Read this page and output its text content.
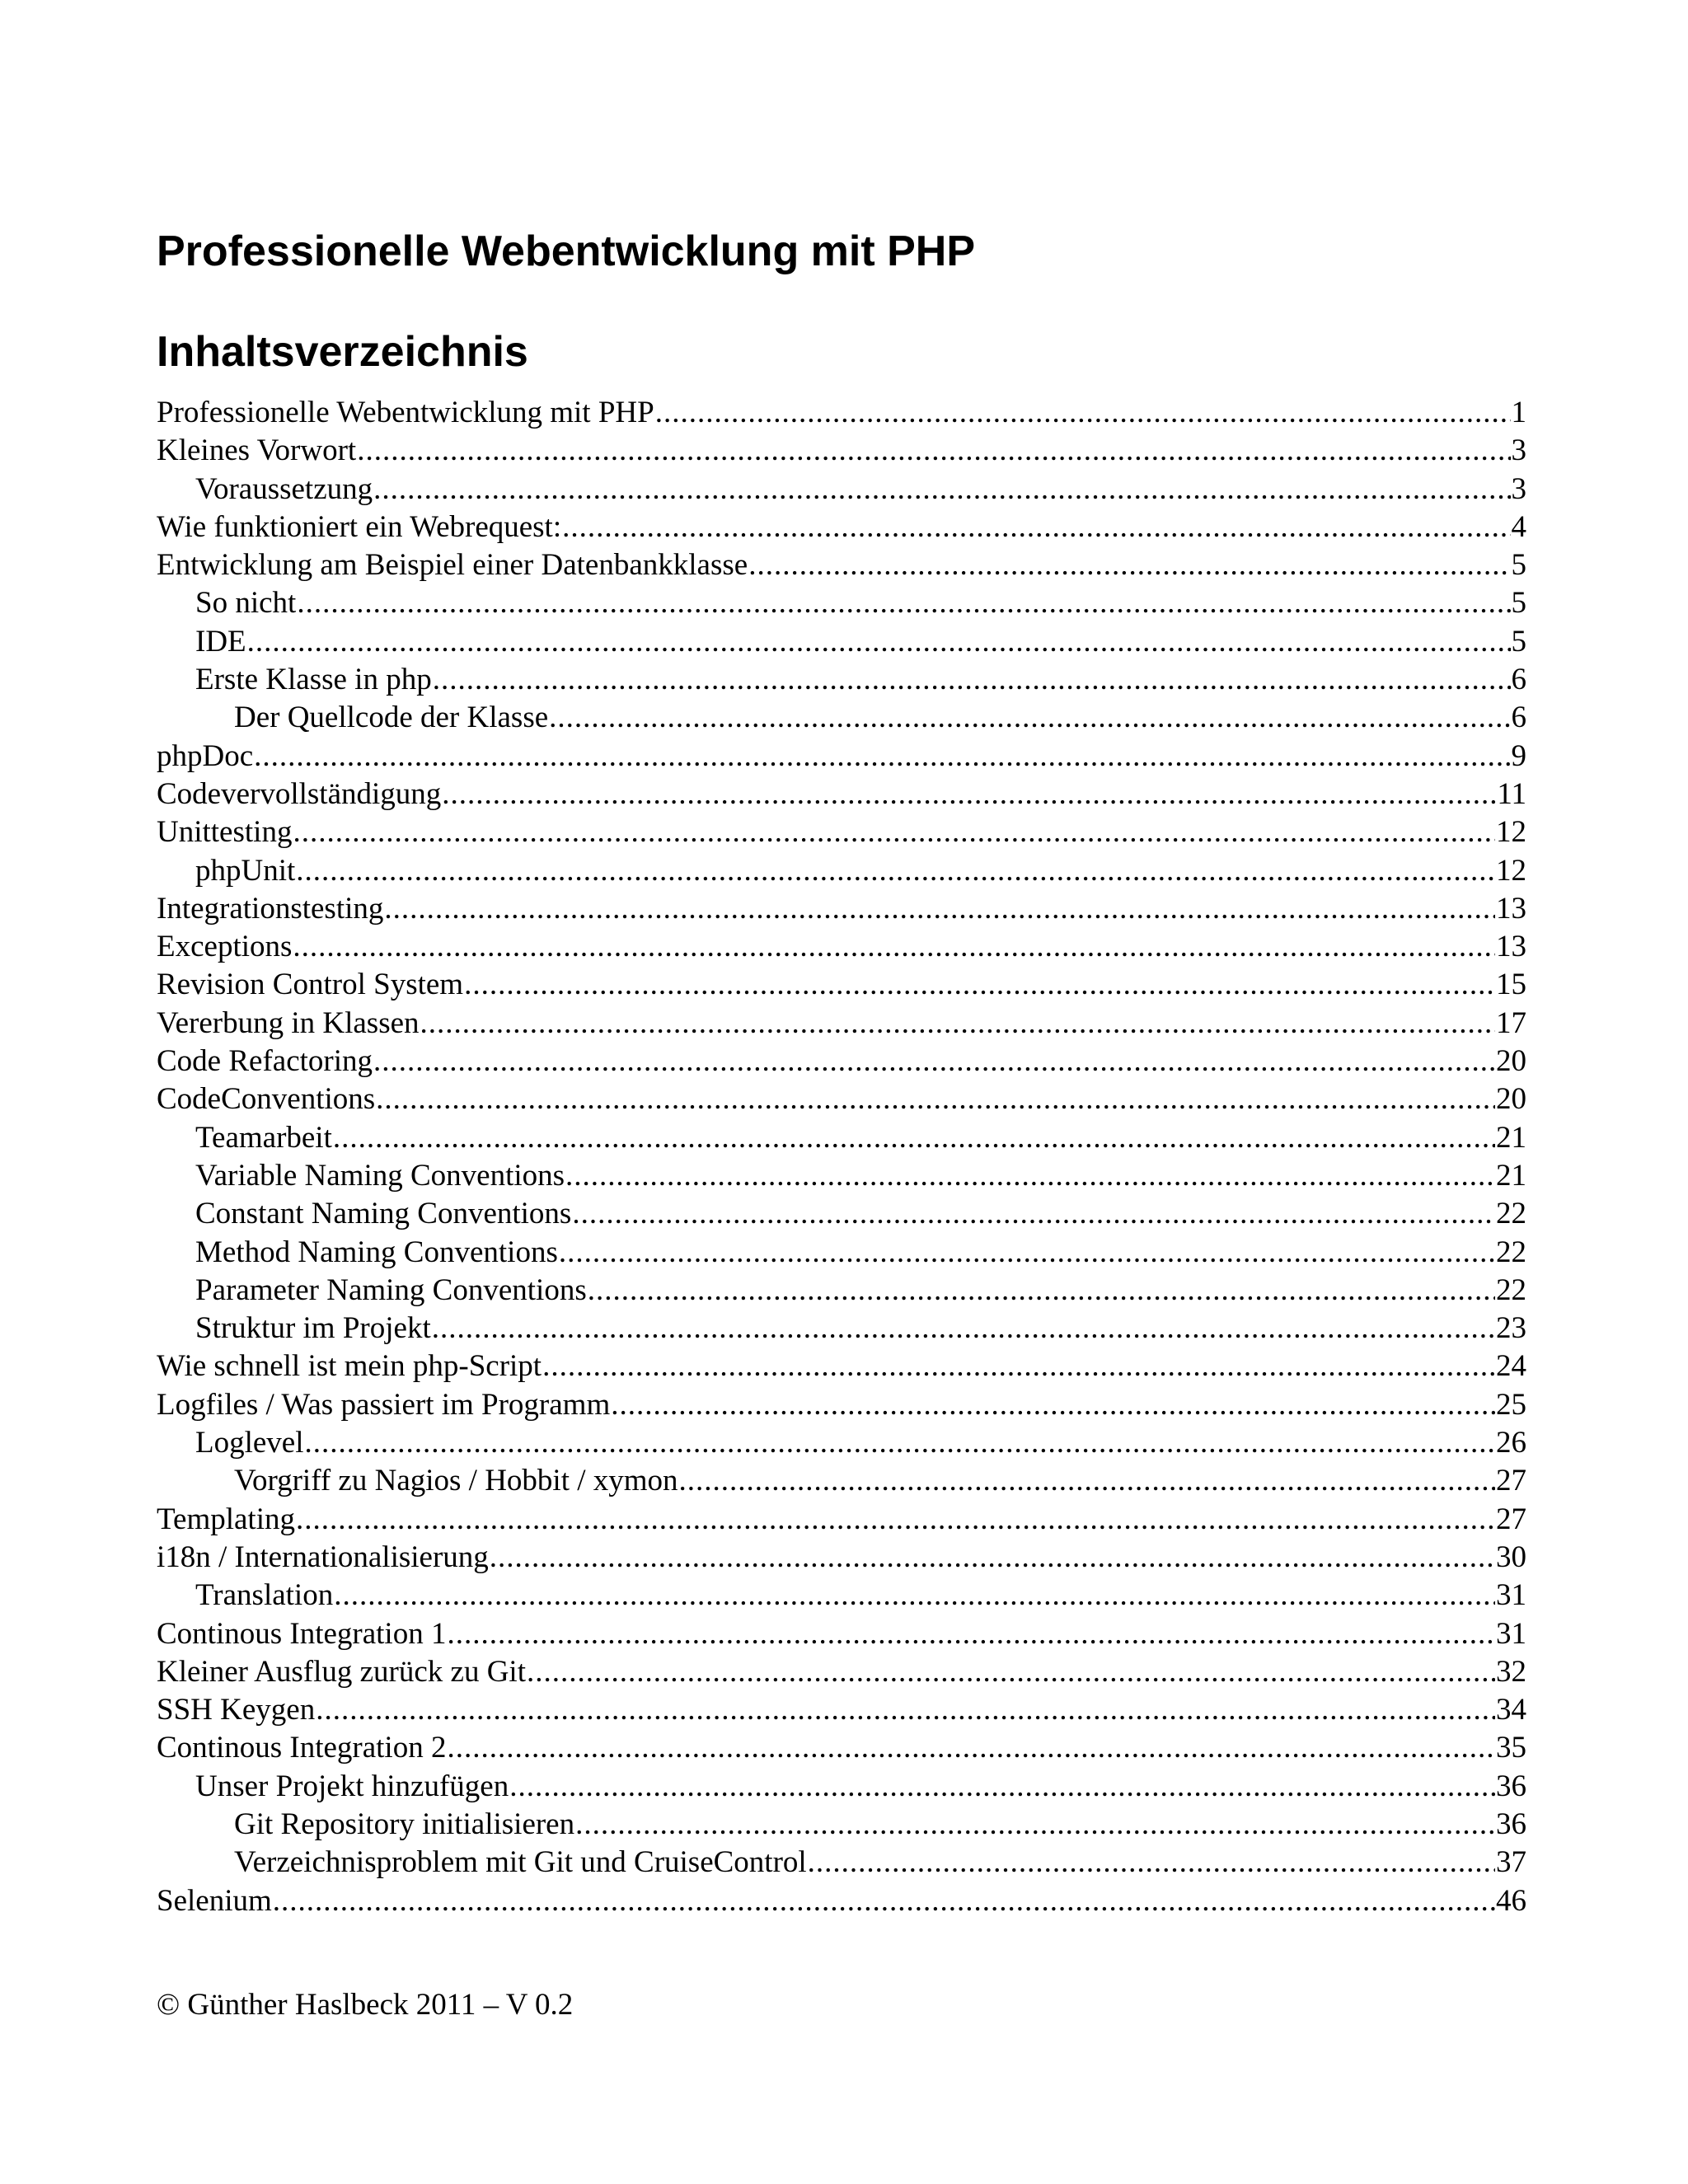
Professionelle Webentwicklung mit PHP
Inhaltsverzeichnis
Professionelle Webentwicklung mit PHP .....	1
Kleines Vorwort .....	3
Voraussetzung .....	3
Wie funktioniert ein Webrequest: .....	4
Entwicklung am Beispiel einer Datenbankklasse .....	5
So nicht .....	5
IDE .....	5
Erste Klasse in php .....	6
Der Quellcode der Klasse .....	6
phpDoc .....	9
Codevervollständigung .....	11
Unittesting .....	12
phpUnit .....	12
Integrationstesting .....	13
Exceptions .....	13
Revision Control System .....	15
Vererbung in Klassen .....	17
Code Refactoring .....	20
CodeConventions .....	20
Teamarbeit .....	21
Variable Naming Conventions .....	21
Constant Naming Conventions .....	22
Method Naming Conventions .....	22
Parameter Naming Conventions .....	22
Struktur im Projekt .....	23
Wie schnell ist mein php-Script .....	24
Logfiles / Was passiert im Programm .....	25
Loglevel .....	26
Vorgriff zu Nagios / Hobbit / xymon .....	27
Templating .....	27
i18n / Internationalisierung .....	30
Translation .....	31
Continous Integration 1 .....	31
Kleiner Ausflug zurück zu Git .....	32
SSH Keygen .....	34
Continous Integration 2 .....	35
Unser Projekt hinzufügen .....	36
Git Repository initialisieren .....	36
Verzeichnisproblem mit Git und CruiseControl .....	37
Selenium .....	46
© Günther Haslbeck 2011 – V 0.2
